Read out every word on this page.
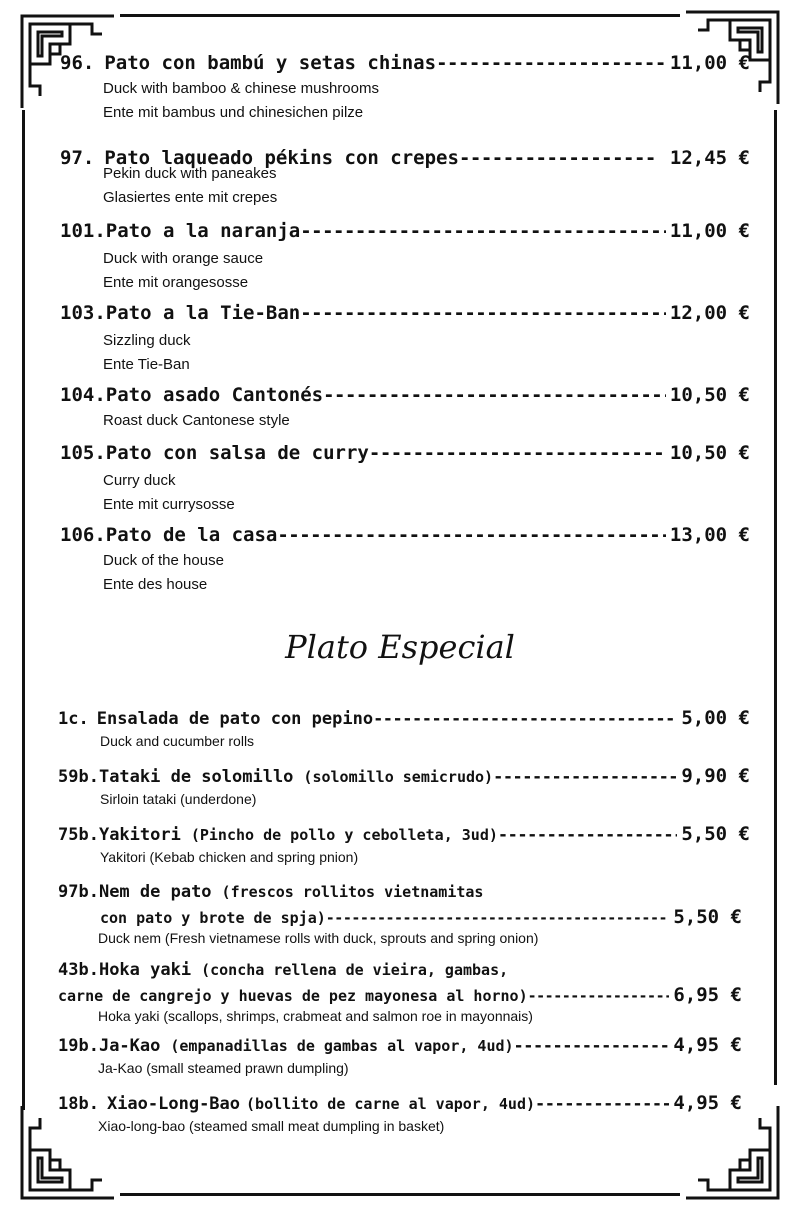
96. Pato con bambú y setas chinas -----	11,00 €
Duck with bamboo & chinese mushrooms
Ente mit bambus und chinesichen pilze
97. Pato laqueado pékins con crepes -----	12,45 €
Pekin duck with paneakes
Glasiertes ente mit crepes
101. Pato a la naranja -----	11,00 €
Duck with orange sauce
Ente mit orangesosse
103. Pato a la Tie-Ban -----	12,00 €
Sizzling duck
Ente Tie-Ban
104. Pato asado Cantonés -----	10,50 €
Roast duck Cantonese style
105. Pato con salsa de curry -----	10,50 €
Curry duck
Ente mit currysosse
106. Pato de la casa -----	13,00 €
Duck of the house
Ente des house
Plato Especial
1c. Ensalada de pato con pepino -----	5,00 €
Duck and cucumber rolls
59b. Tataki de solomillo (solomillo semicrudo) -----	9,90 €
Sirloin tataki (underdone)
75b. Yakitori (Pincho de pollo y cebolleta, 3ud) -----	5,50 €
Yakitori (Kebab chicken and spring pnion)
97b. Nem de pato (frescos rollitos vietnamitas
con pato y brote de spja) -----	5,50 €
Duck nem (Fresh vietnamese rolls with duck, sprouts and spring onion)
43b. Hoka yaki (concha rellena de vieira, gambas,
carne de cangrejo y huevas de pez mayonesa al horno) -----	6,95 €
Hoka yaki (scallops, shrimps, crabmeat and salmon roe in mayonnais)
19b. Ja-Kao (empanadillas de gambas al vapor, 4ud) -----	4,95 €
Ja-Kao (small steamed prawn dumpling)
18b. Xiao-Long-Bao (bollito de carne al vapor, 4ud) -----	4,95 €
Xiao-long-bao (steamed small meat dumpling in basket)
